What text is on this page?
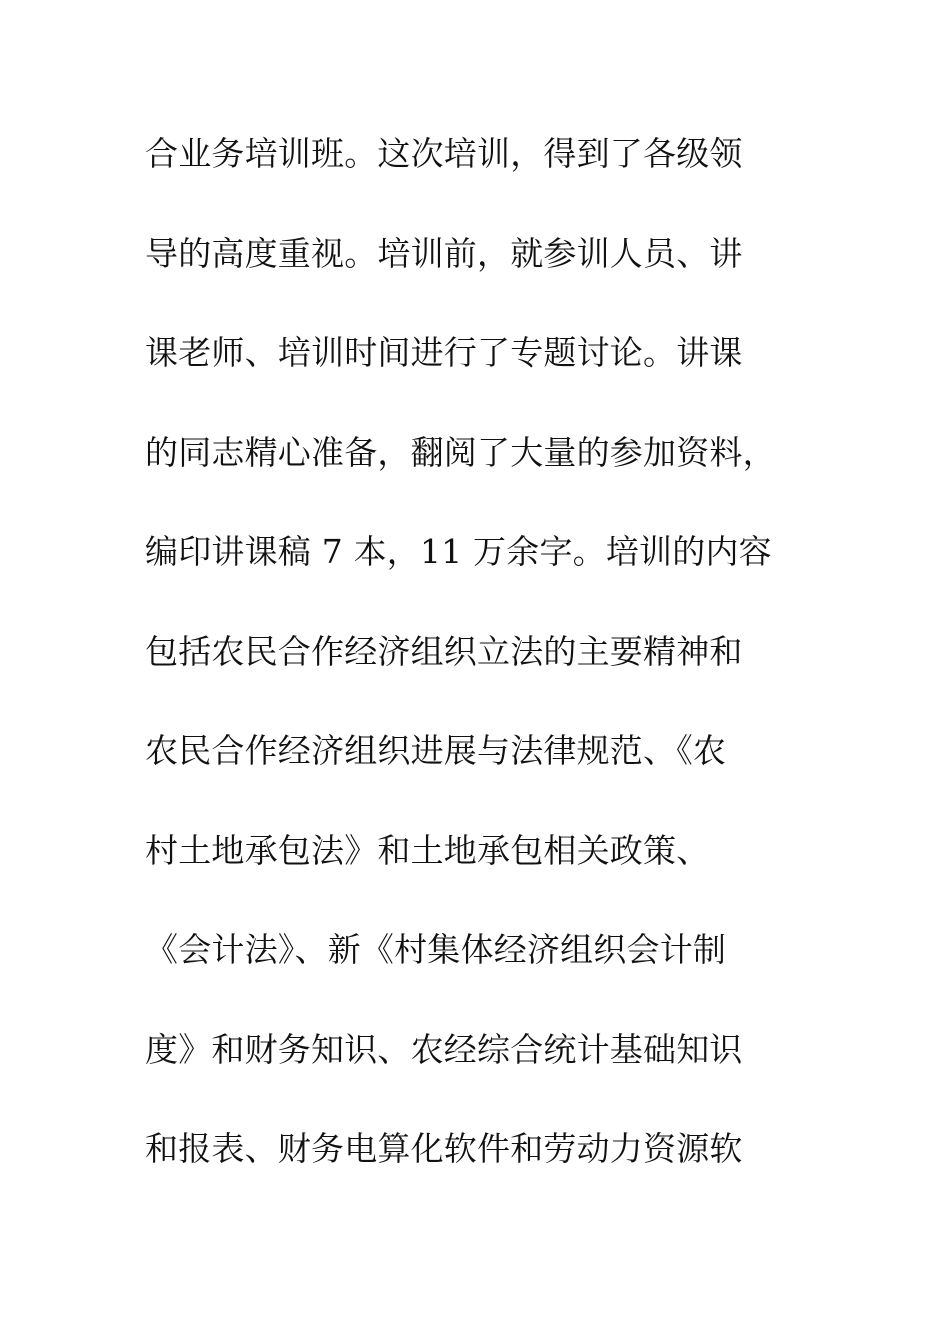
合业务培训班。这次培训，得到了各级领
导的高度重视。培训前，就参训人员、讲
课老师、培训时间进行了专题讨论。讲课
的同志精心准备，翻阅了大量的参加资料，
编印讲课稿 7 本，11 万余字。培训的内容
包括农民合作经济组织立法的主要精神和
农民合作经济组织进展与法律规范、《农
村土地承包法》和土地承包相关政策、
《会计法》、新《村集体经济组织会计制
度》和财务知识、农经综合统计基础知识
和报表、财务电算化软件和劳动力资源软
